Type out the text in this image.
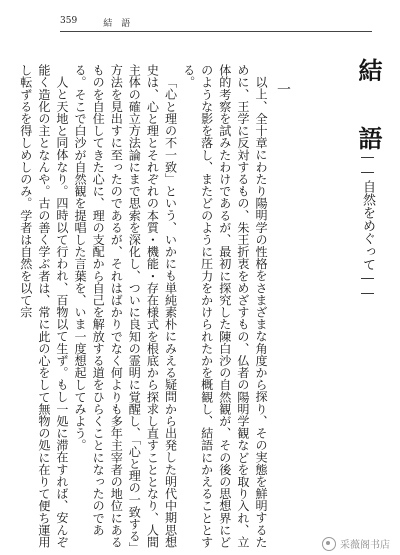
359	結　語
結　語
――自然をめぐって――
一

以上、全十章にわたり陽明学の性格をさまざまな角度から探り、その実態を鮮明するために、王学に反対するもの、朱王折衷をめざすもの、仏者の陽明学観などを取り入れ、立体的考察を試みたわけであるが、最初に探究した陳白沙の自然観が、その後の思想界にどのような影を落し、またどのように圧力をかけられたかを概観し、結語にかえることとする。

「心と理の不一致」という、いかにも単純素朴にみえる疑問から出発した明代中期思想史は、心と理とそれぞれの本質・機能・存在様式を根底から探求し直すこととなり、人間主体の確立方法論にまで思索を深化し、ついに良知の霊明に覚醒し、「心と理の一致する」方法を見出すに至ったのであるが、それはばかりでなく何よりも多年主宰者の地位にあるものを自住してきた心に、理の支配から自己を解放する道をひらくことになったのである。そこで白沙が自然観を提唱した言葉を、いま一度想起してみよう。

人と天地と同体なり。四時以て行われ、百物以て生ず。もし一処に滞在すれば、安んぞ能く造化の主となんや。古の善く学ぶ者は、常に此の心をして無物の処に在りて便ち運用し転ずるを得しめしのみ。学者は自然を以て宗

采薇阁书店
